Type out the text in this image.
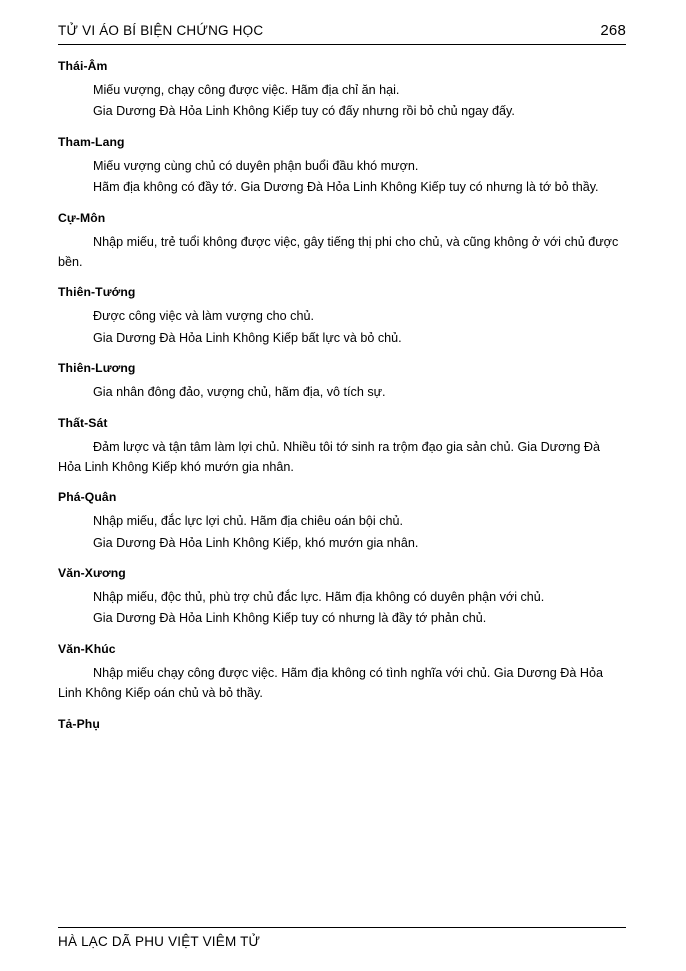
TỬ VI ÁO BÍ BIỆN CHỨNG HỌC	268
Thái-Âm

Miếu vượng, chạy công được việc. Hãm địa chỉ ăn hại.

Gia Dương Đà Hỏa Linh Không Kiếp tuy có đấy nhưng rồi bỏ chủ ngay đấy.

Tham-Lang

Miếu vượng cùng chủ có duyên phận buổi đầu khó mượn.

Hãm địa không có đầy tớ. Gia Dương Đà Hỏa Linh Không Kiếp tuy có nhưng là tớ bỏ thầy.

Cự-Môn

Nhập miếu, trẻ tuổi không được việc, gây tiếng thị phi cho chủ, và cũng không ở với chủ được bền.

Thiên-Tướng

Được công việc và làm vượng cho chủ.

Gia Dương Đà Hỏa Linh Không Kiếp bất lực và bỏ chủ.

Thiên-Lương

Gia nhân đông đảo, vượng chủ, hãm địa, vô tích sự.

Thất-Sát

Đảm lược và tận tâm làm lợi chủ. Nhiều tôi tớ sinh ra trộm đạo gia sản chủ. Gia Dương Đà Hỏa Linh Không Kiếp khó mướn gia nhân.

Phá-Quân

Nhập miếu, đắc lực lợi chủ. Hãm địa chiêu oán bội chủ.

Gia Dương Đà Hỏa Linh Không Kiếp, khó mướn gia nhân.

Văn-Xương

Nhập miếu, độc thủ, phù trợ chủ đắc lực. Hãm địa không có duyên phận với chủ.

Gia Dương Đà Hỏa Linh Không Kiếp tuy có nhưng là đầy tớ phản chủ.

Văn-Khúc

Nhập miếu chạy công được việc. Hãm địa không có tình nghĩa với chủ. Gia Dương Đà Hỏa Linh Không Kiếp oán chủ và bỏ thầy.

Tả-Phụ
HÀ LẠC DÃ PHU VIỆT VIÊM TỬ
